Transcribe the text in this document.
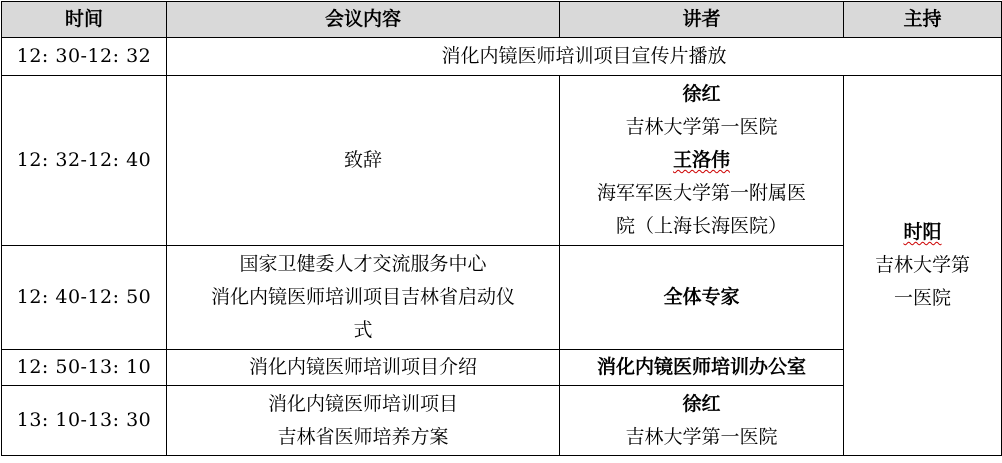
时间	会议内容	讲者	主持
12: 30-12: 32	消化内镜医师培训项目宣传片播放		
12: 32-12: 40	致辞	徐红
吉林大学第一医院
王洛伟
海军军医大学第一附属医
院（上海长海医院）	时阳
吉林大学第
一医院

12: 40-12: 50	国家卫健委人才交流服务中心
消化内镜医师培训项目吉林省启动仪
式	全体专家	
12: 50-13: 10	消化内镜医师培训项目介绍	消化内镜医师培训办公室	
13: 10-13: 30	消化内镜医师培训项目
吉林省医师培养方案	徐红
吉林大学第一医院	
